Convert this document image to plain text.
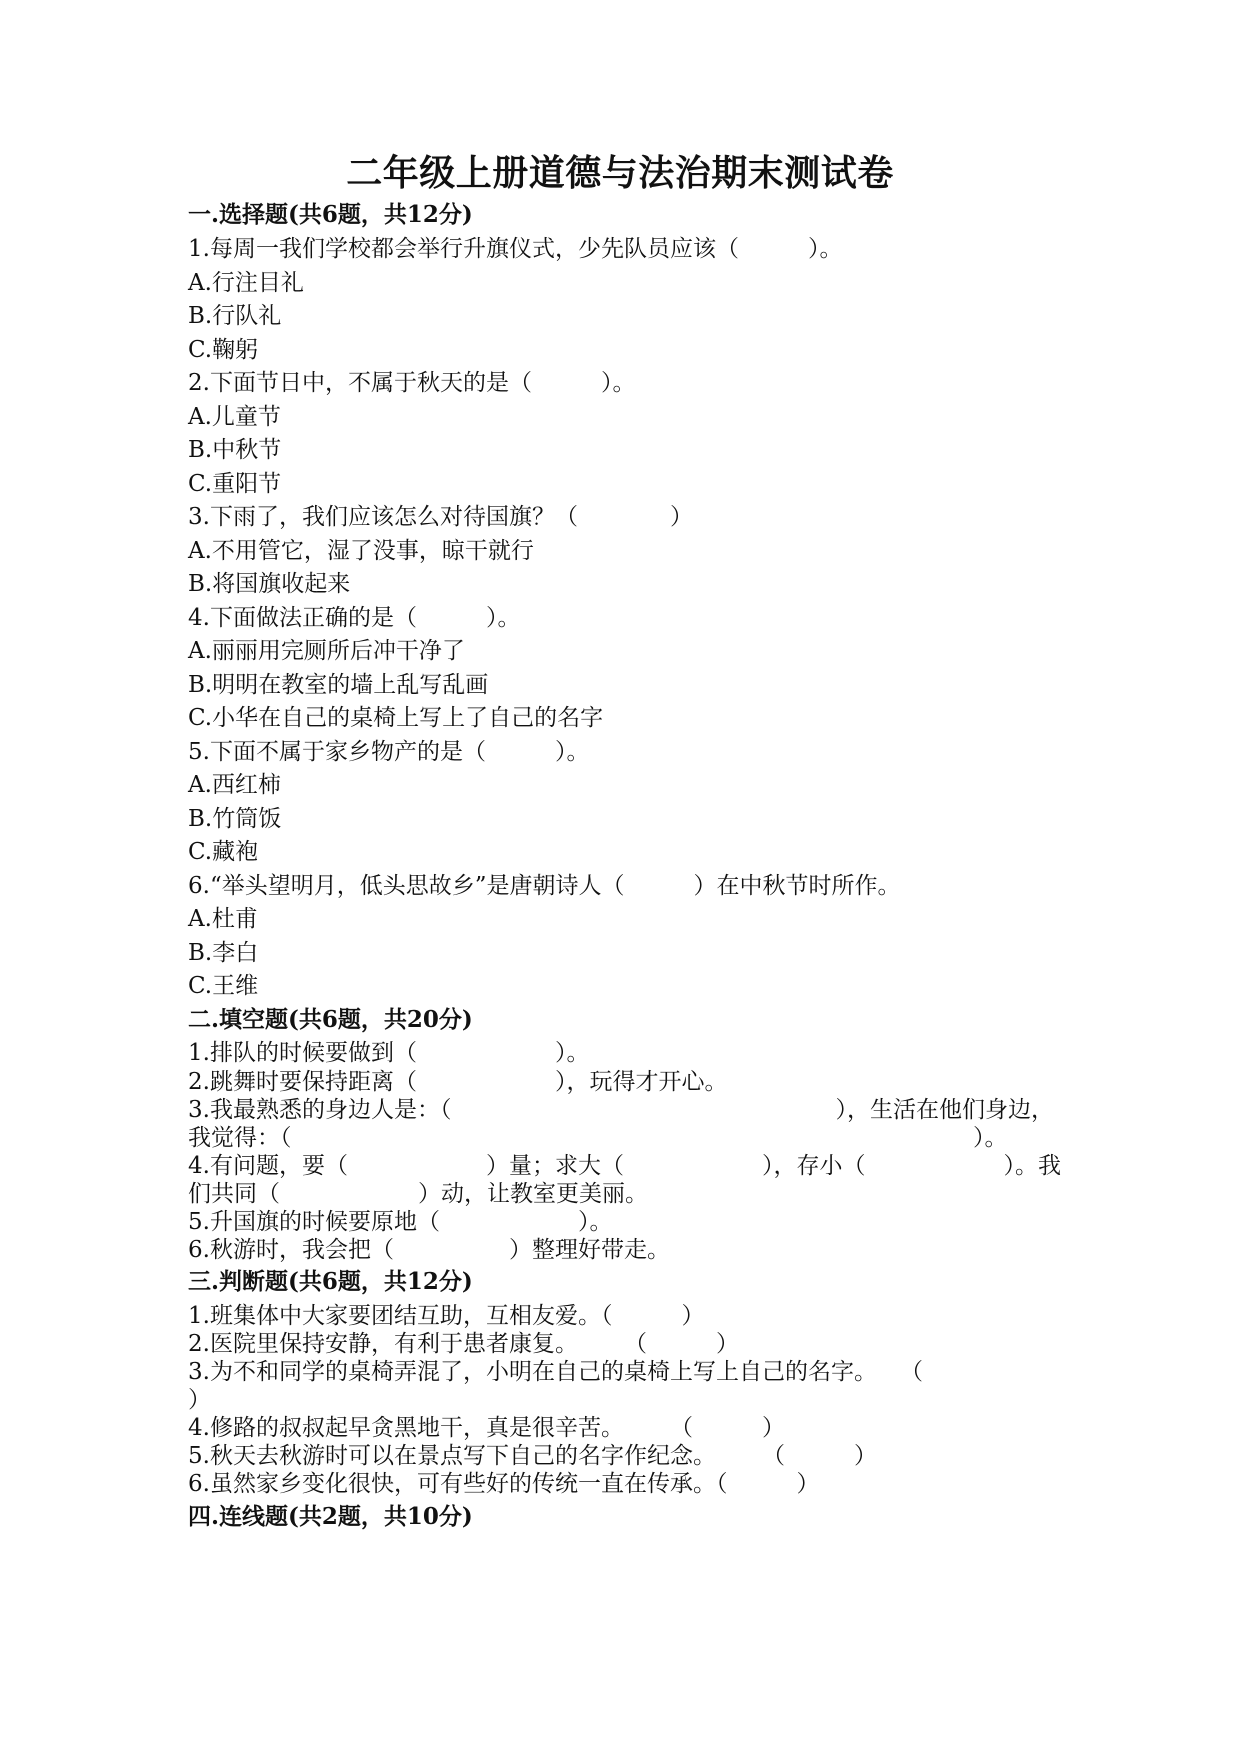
二年级上册道德与法治期末测试卷
一.选择题(共6题，共12分)
1.每周一我们学校都会举行升旗仪式，少先队员应该（　　　）。
A.行注目礼
B.行队礼
C.鞠躬
2.下面节日中，不属于秋天的是（　　　）。
A.儿童节
B.中秋节
C.重阳节
3.下雨了，我们应该怎么对待国旗？（　　　　）
A.不用管它，湿了没事，晾干就行
B.将国旗收起来
4.下面做法正确的是（　　　）。
A.丽丽用完厕所后冲干净了
B.明明在教室的墙上乱写乱画
C.小华在自己的桌椅上写上了自己的名字
5.下面不属于家乡物产的是（　　　）。
A.西红柿
B.竹筒饭
C.藏袍
6.“举头望明月，低头思故乡”是唐朝诗人（　　　）在中秋节时所作。
A.杜甫
B.李白
C.王维
二.填空题(共6题，共20分)
1.排队的时候要做到（　　　　　　）。
2.跳舞时要保持距离（　　　　　　），玩得才开心。
3.我最熟悉的身边人是：（	），生活在他们身边，
我觉得：（	）。
4.有问题，要（　　　　　　）量；求大（　　　　　　），存小（　　　　　　）。我
们共同（　　　　　　）动，让教室更美丽。
5.升国旗的时候要原地（　　　　　　）。
6.秋游时，我会把（　　　　　）整理好带走。
三.判断题(共6题，共12分)
1.班集体中大家要团结互助，互相友爱。（　　　）
2.医院里保持安静，有利于患者康复。　　　（　　　）
3.为不和同学的桌椅弄混了，小明在自己的桌椅上写上自己的名字。　　（
）
4.修路的叔叔起早贪黑地干，真是很辛苦。　　　（　　　）
5.秋天去秋游时可以在景点写下自己的名字作纪念。　　　（　　　）
6.虽然家乡变化很快，可有些好的传统一直在传承。（　　　）
四.连线题(共2题，共10分)
